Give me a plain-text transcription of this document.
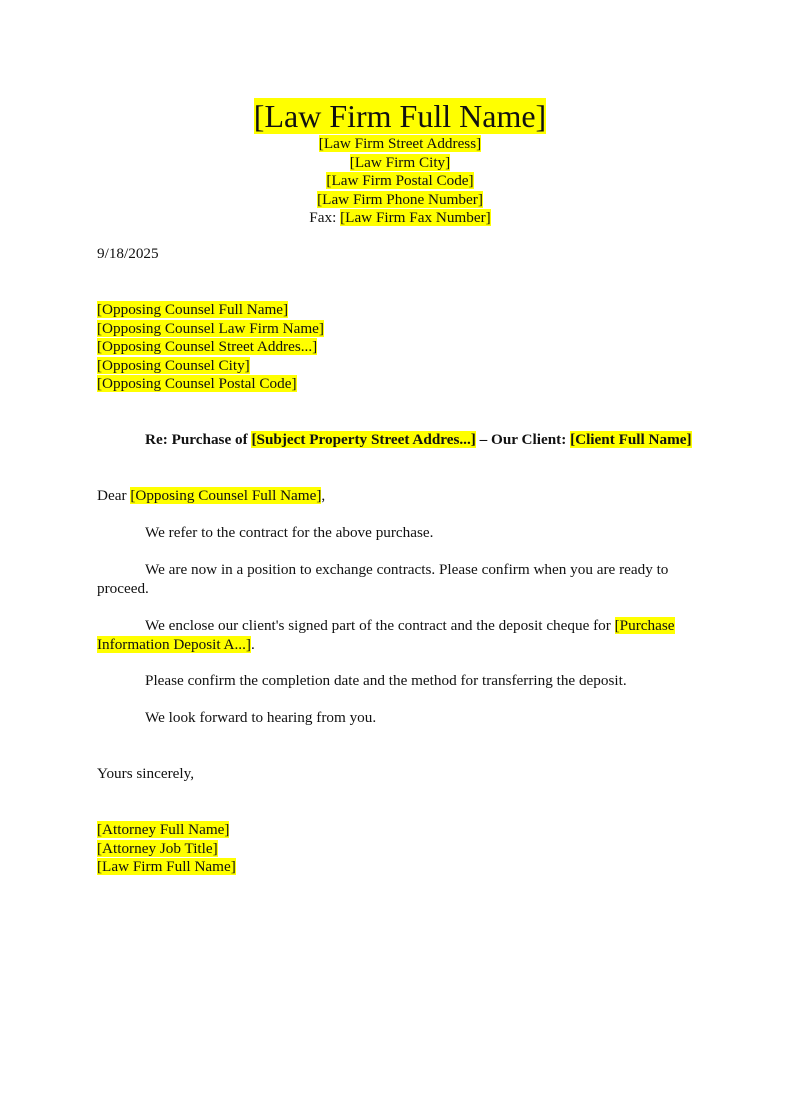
[Law Firm Full Name]
[Law Firm Street Address]
[Law Firm City]
[Law Firm Postal Code]
[Law Firm Phone Number]
Fax: [Law Firm Fax Number]
9/18/2025
[Opposing Counsel Full Name]
[Opposing Counsel Law Firm Name]
[Opposing Counsel Street Addres...]
[Opposing Counsel City]
[Opposing Counsel Postal Code]
Re: Purchase of [Subject Property Street Addres...] – Our Client: [Client Full Name]
Dear [Opposing Counsel Full Name],
We refer to the contract for the above purchase.
We are now in a position to exchange contracts. Please confirm when you are ready to proceed.
We enclose our client's signed part of the contract and the deposit cheque for [Purchase Information Deposit A...].
Please confirm the completion date and the method for transferring the deposit.
We look forward to hearing from you.
Yours sincerely,
[Attorney Full Name]
[Attorney Job Title]
[Law Firm Full Name]
